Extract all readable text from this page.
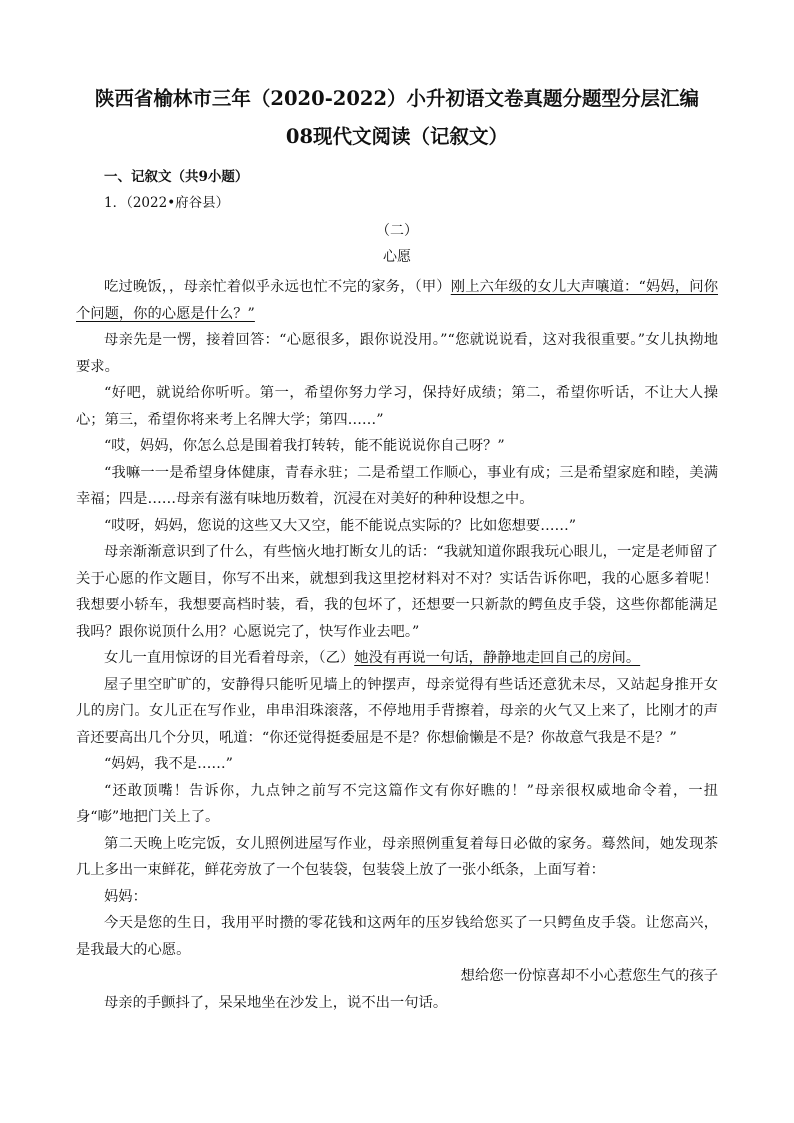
陕西省榆林市三年（2020-2022）小升初语文卷真题分题型分层汇编
08现代文阅读（记叙文）
一、记叙文（共9小题）
1．（2022•府谷县）
（二）
心愿

吃过晚饭，，母亲忙着似乎永远也忙不完的家务，（甲）刚上六年级的女儿大声嚷道：“妈妈，问你个问题，你的心愿是什么？”

母亲先是一愣，接着回答：“心愿很多，跟你说没用。”“您就说说看，这对我很重要。”女儿执拗地要求。

“好吧，就说给你听听。第一，希望你努力学习，保持好成绩；第二，希望你听话，不让大人操心；第三，希望你将来考上名牌大学；第四……”

“哎，妈妈，你怎么总是围着我打转转，能不能说说你自己呀？”

“我嘛一一是希望身体健康，青春永驻；二是希望工作顺心，事业有成；三是希望家庭和睦，美满幸福；四是……母亲有滋有味地历数着，沉浸在对美好的种种设想之中。

“哎呀，妈妈，您说的这些又大又空，能不能说点实际的？比如您想要……”

母亲渐渐意识到了什么，有些恼火地打断女儿的话：“我就知道你跟我玩心眼儿，一定是老师留了关于心愿的作文题目，你写不出来，就想到我这里挖材料对不对？实话告诉你吧，我的心愿多着呢！我想要小轿车，我想要高档时装，看，我的包坏了，还想要一只新款的鳄鱼皮手袋，这些你都能满足我吗？跟你说顶什么用？心愿说完了，快写作业去吧。”

女儿一直用惊讶的目光看着母亲，（乙）她没有再说一句话，静静地走回自己的房间。

屋子里空旷旷的，安静得只能听见墙上的钟摆声，母亲觉得有些话还意犹未尽，又站起身推开女儿的房门。女儿正在写作业，串串泪珠滚落，不停地用手背擦着，母亲的火气又上来了，比刚才的声音还要高出几个分贝，吼道：“你还觉得挺委屈是不是？你想偷懒是不是？你故意气我是不是？”

“妈妈，我不是……”

“还敢顶嘴！告诉你，九点钟之前写不完这篇作文有你好瞧的！”母亲很权威地命令着，一扭身“嘭”地把门关上了。

第二天晚上吃完饭，女儿照例进屋写作业，母亲照例重复着每日必做的家务。蓦然间，她发现茶几上多出一束鲜花，鲜花旁放了一个包装袋，包装袋上放了一张小纸条，上面写着：

妈妈：

今天是您的生日，我用平时攒的零花钱和这两年的压岁钱给您买了一只鳄鱼皮手袋。让您高兴，是我最大的心愿。

想给您一份惊喜却不小心惹您生气的孩子

母亲的手颤抖了，呆呆地坐在沙发上，说不出一句话。
